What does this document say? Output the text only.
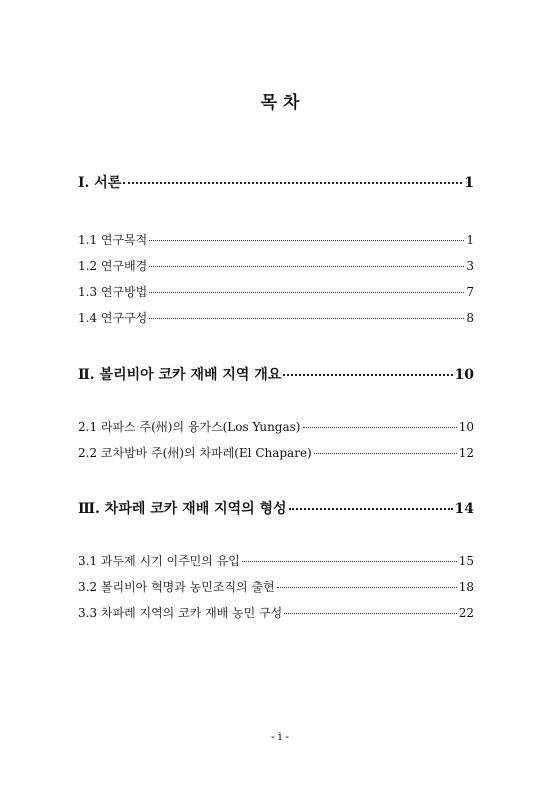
목 차
Ⅰ. 서론	1
1.1 연구목적	1
1.2 연구배경	3
1.3 연구방법	7
1.4 연구구성	8
Ⅱ. 볼리비아 코카 재배 지역 개요	10
2.1 라파스 주(州)의 융가스(Los Yungas)	10
2.2 코차밤바 주(州)의 차파레(El Chapare)	12
Ⅲ. 차파레 코카 재배 지역의 형성	14
3.1 과두제 시기 이주민의 유입	15
3.2 볼리비아 혁명과 농민조직의 출현	18
3.3 차파레 지역의 코카 재배 농민 구성	22
- i -
